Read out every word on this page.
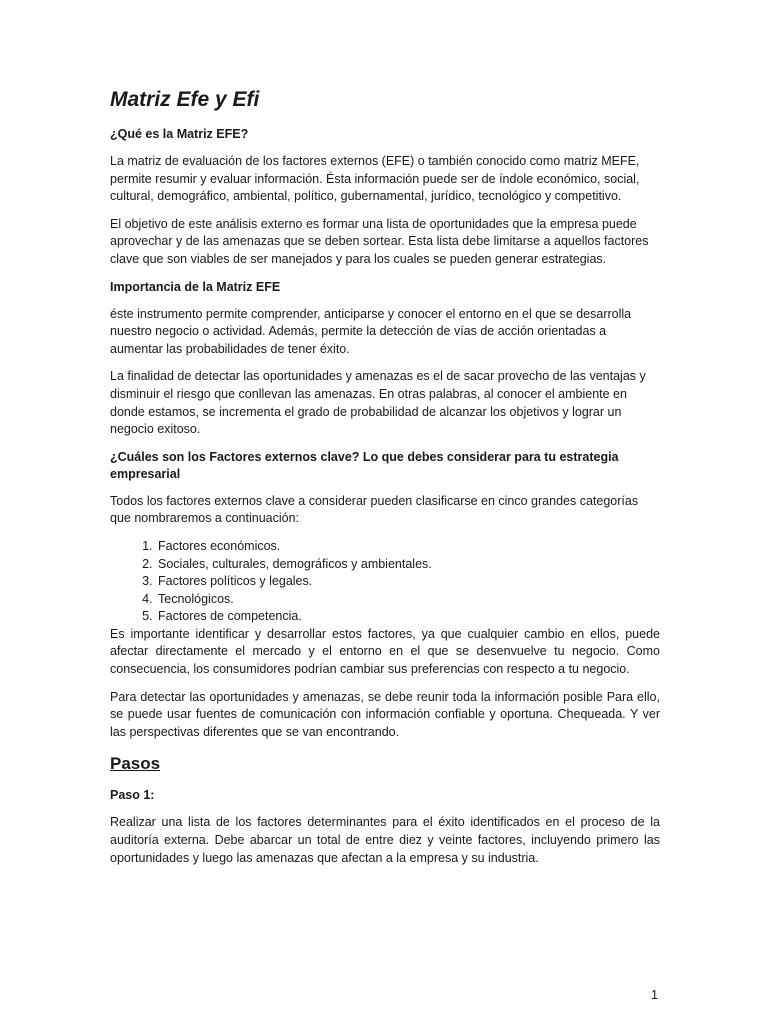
Matriz Efe y Efi
¿Qué es la Matriz EFE?

La matriz de evaluación de los factores externos (EFE) o también conocido como matriz MEFE, permite resumir y evaluar información. Ésta información puede ser de índole económico, social, cultural, demográfico, ambiental, político, gubernamental, jurídico, tecnológico y competitivo.

El objetivo de este análisis externo es formar una lista de oportunidades que la empresa puede aprovechar y de las amenazas que se deben sortear. Esta lista debe limitarse a aquellos factores clave que son viables de ser manejados y para los cuales se pueden generar estrategias.

Importancia de la Matriz EFE

éste instrumento permite comprender, anticiparse y conocer el entorno en el que se desarrolla nuestro negocio o actividad. Además, permite la detección de vías de acción orientadas a aumentar las probabilidades de tener éxito.

La finalidad de detectar las oportunidades y amenazas es el de sacar provecho de las ventajas y disminuir el riesgo que conllevan las amenazas. En otras palabras, al conocer el ambiente en donde estamos, se incrementa el grado de probabilidad de alcanzar los objetivos y lograr un negocio exitoso.

¿Cuáles son los Factores externos clave? Lo que debes considerar para tu estrategia empresarial

Todos los factores externos clave a considerar pueden clasificarse en cinco grandes categorías que nombraremos a continuación:

1. Factores económicos.
2. Sociales, culturales, demográficos y ambientales.
3. Factores políticos y legales.
4. Tecnológicos.
5. Factores de competencia.

Es importante identificar y desarrollar estos factores, ya que cualquier cambio en ellos, puede afectar directamente el mercado y el entorno en el que se desenvuelve tu negocio. Como consecuencia, los consumidores podrían cambiar sus preferencias con respecto a tu negocio.

Para detectar las oportunidades y amenazas, se debe reunir toda la información posible Para ello, se puede usar fuentes de comunicación con información confiable y oportuna. Chequeada. Y ver las perspectivas diferentes que se van encontrando.

Pasos
Paso 1:

Realizar una lista de los factores determinantes para el éxito identificados en el proceso de la auditoría externa. Debe abarcar un total de entre diez y veinte factores, incluyendo primero las oportunidades y luego las amenazas que afectan a la empresa y su industria.

1
